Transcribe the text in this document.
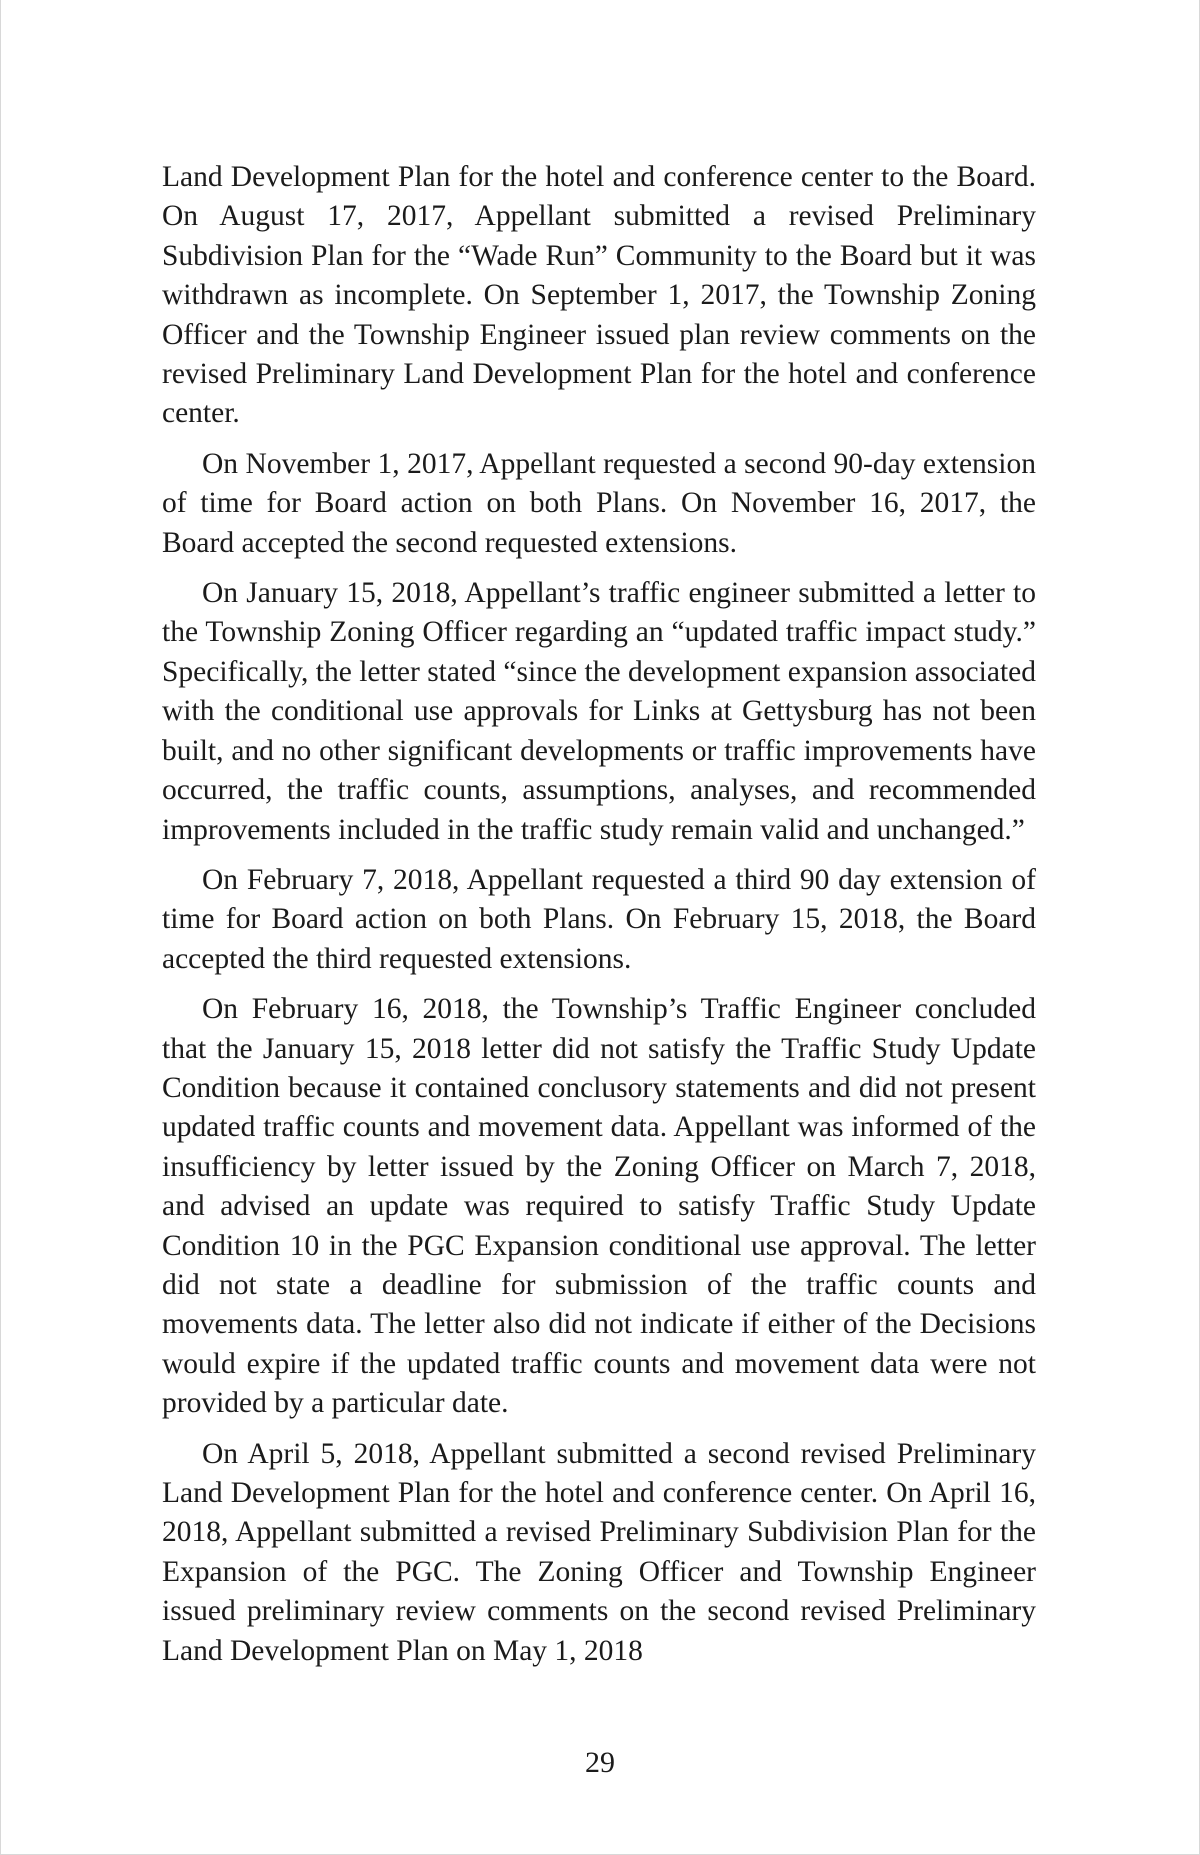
Land Development Plan for the hotel and conference center to the Board. On August 17, 2017, Appellant submitted a revised Preliminary Subdivision Plan for the “Wade Run” Community to the Board but it was withdrawn as incomplete. On September 1, 2017, the Township Zoning Officer and the Township Engineer issued plan review comments on the revised Preliminary Land Development Plan for the hotel and conference center.

On November 1, 2017, Appellant requested a second 90-day extension of time for Board action on both Plans. On November 16, 2017, the Board accepted the second requested extensions.

On January 15, 2018, Appellant’s traffic engineer submitted a letter to the Township Zoning Officer regarding an “updated traffic impact study.” Specifically, the letter stated “since the development expansion associated with the conditional use approvals for Links at Gettysburg has not been built, and no other significant developments or traffic improvements have occurred, the traffic counts, assumptions, analyses, and recommended improvements included in the traffic study remain valid and unchanged.”

On February 7, 2018, Appellant requested a third 90 day extension of time for Board action on both Plans. On February 15, 2018, the Board accepted the third requested extensions.

On February 16, 2018, the Township’s Traffic Engineer concluded that the January 15, 2018 letter did not satisfy the Traffic Study Update Condition because it contained conclusory statements and did not present updated traffic counts and movement data. Appellant was informed of the insufficiency by letter issued by the Zoning Officer on March 7, 2018, and advised an update was required to satisfy Traffic Study Update Condition 10 in the PGC Expansion conditional use approval. The letter did not state a deadline for submission of the traffic counts and movements data. The letter also did not indicate if either of the Decisions would expire if the updated traffic counts and movement data were not provided by a particular date.

On April 5, 2018, Appellant submitted a second revised Preliminary Land Development Plan for the hotel and conference center. On April 16, 2018, Appellant submitted a revised Preliminary Subdivision Plan for the Expansion of the PGC. The Zoning Officer and Township Engineer issued preliminary review comments on the second revised Preliminary Land Development Plan on May 1, 2018

29
